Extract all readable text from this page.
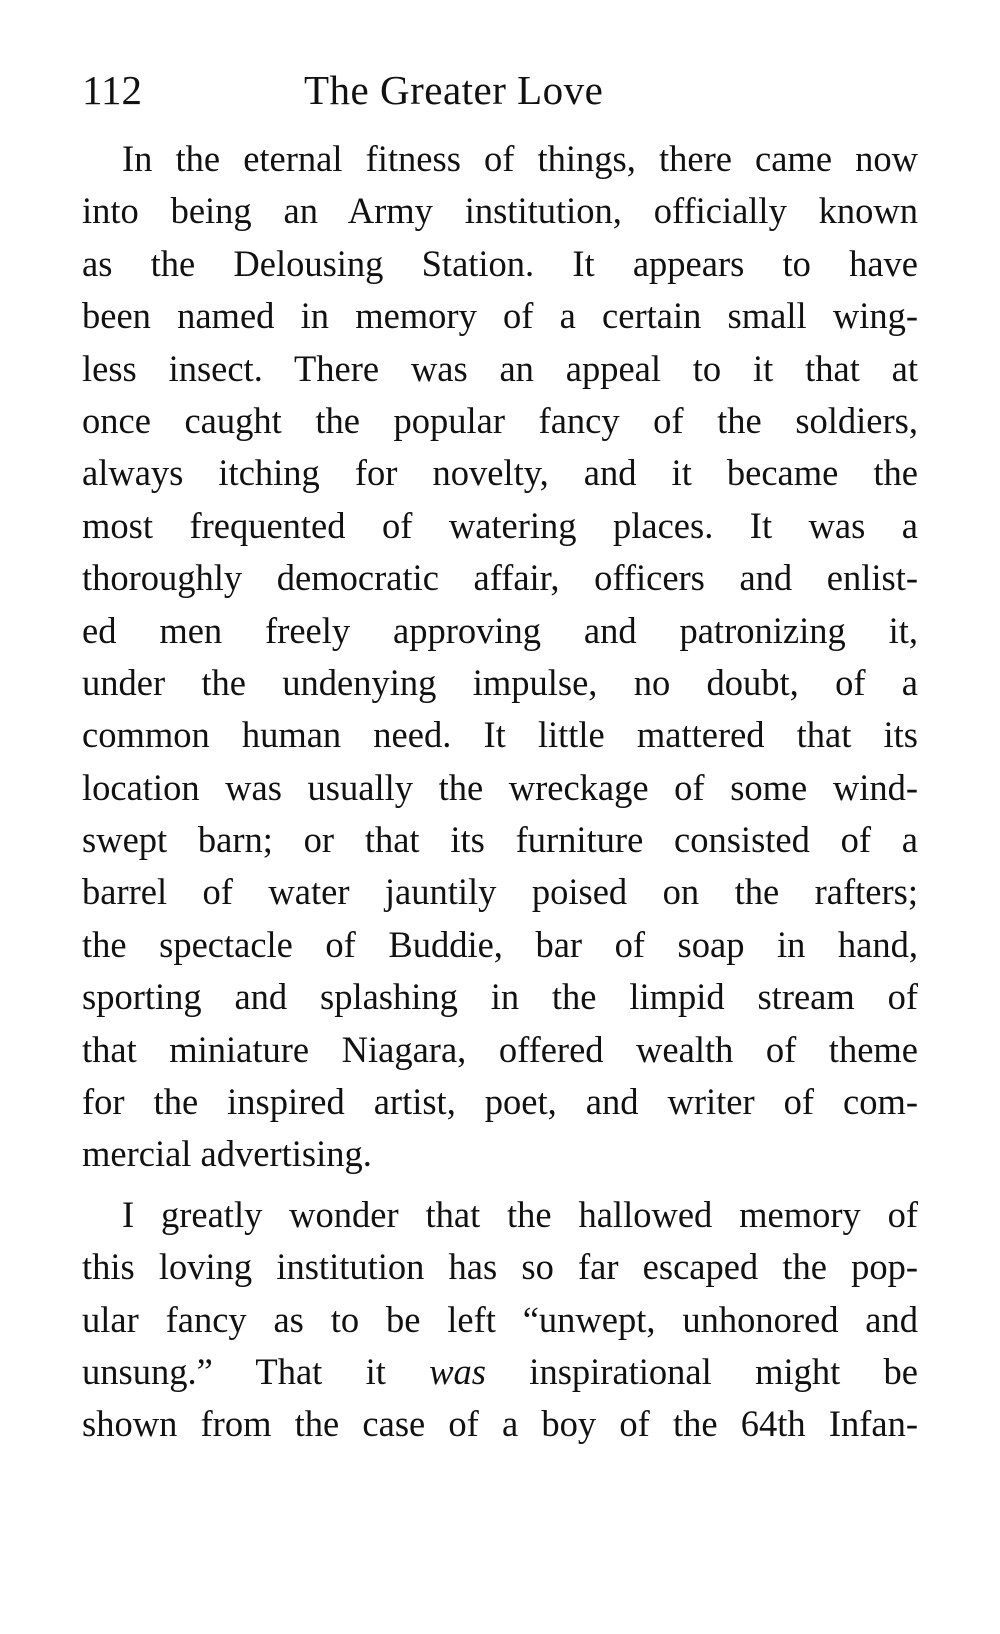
112	The Greater Love
In the eternal fitness of things, there came now
into being an Army institution, officially known
as the Delousing Station. It appears to have
been named in memory of a certain small wing-
less insect. There was an appeal to it that at
once caught the popular fancy of the soldiers,
always itching for novelty, and it became the
most frequented of watering places. It was a
thoroughly democratic affair, officers and enlist-
ed men freely approving and patronizing it,
under the undenying impulse, no doubt, of a
common human need. It little mattered that its
location was usually the wreckage of some wind-
swept barn; or that its furniture consisted of a
barrel of water jauntily poised on the rafters;
the spectacle of Buddie, bar of soap in hand,
sporting and splashing in the limpid stream of
that miniature Niagara, offered wealth of theme
for the inspired artist, poet, and writer of com-
mercial advertising.
I greatly wonder that the hallowed memory of
this loving institution has so far escaped the pop-
ular fancy as to be left “unwept, unhonored and
unsung.” That it was inspirational might be
shown from the case of a boy of the 64th Infan-
